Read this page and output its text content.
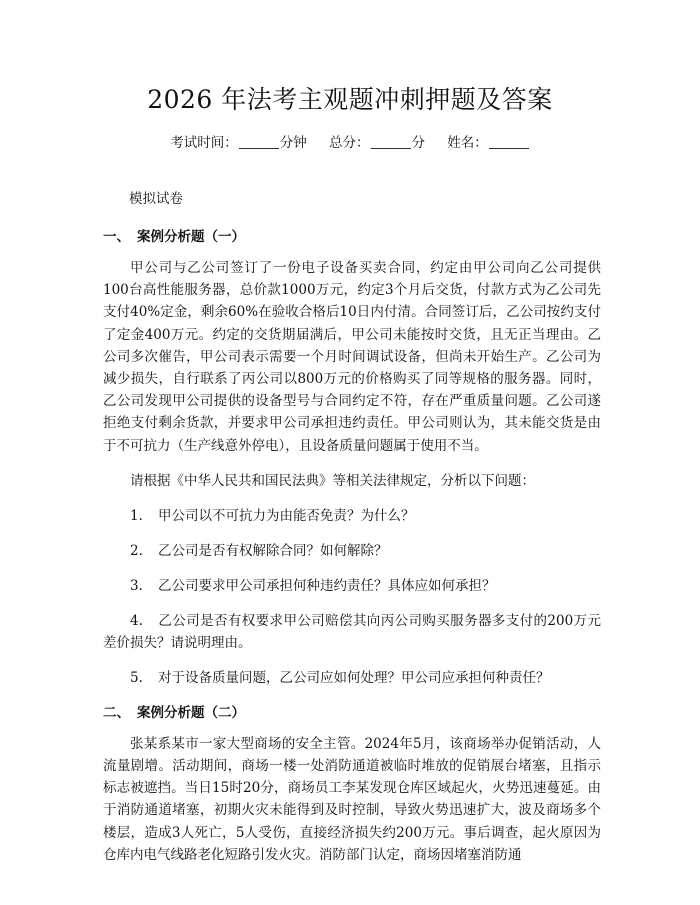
2026 年法考主观题冲刺押题及答案
考试时间：	分钟 总分：	分 姓名：
模拟试卷
一、 案例分析题（一）

甲公司与乙公司签订了一份电子设备买卖合同，约定由甲公司向乙公司提供100台高性能服务器，总价款1000万元，约定3个月后交货，付款方式为乙公司先支付40%定金，剩余60%在验收合格后10日内付清。合同签订后，乙公司按约支付了定金400万元。约定的交货期届满后，甲公司未能按时交货，且无正当理由。乙公司多次催告，甲公司表示需要一个月时间调试设备，但尚未开始生产。乙公司为减少损失，自行联系了丙公司以800万元的价格购买了同等规格的服务器。同时，乙公司发现甲公司提供的设备型号与合同约定不符，存在严重质量问题。乙公司遂拒绝支付剩余货款，并要求甲公司承担违约责任。甲公司则认为，其未能交货是由于不可抗力（生产线意外停电），且设备质量问题属于使用不当。

请根据《中华人民共和国民法典》等相关法律规定，分析以下问题：

1. 甲公司以不可抗力为由能否免责？为什么？

2. 乙公司是否有权解除合同？如何解除？

3. 乙公司要求甲公司承担何种违约责任？具体应如何承担？

4. 乙公司是否有权要求甲公司赔偿其向丙公司购买服务器多支付的200万元差价损失？请说明理由。

5. 对于设备质量问题，乙公司应如何处理？甲公司应承担何种责任？

二、 案例分析题（二）

张某系某市一家大型商场的安全主管。2024年5月，该商场举办促销活动，人流量剧增。活动期间，商场一楼一处消防通道被临时堆放的促销展台堵塞，且指示标志被遮挡。当日15时20分，商场员工李某发现仓库区域起火，火势迅速蔓延。由于消防通道堵塞，初期火灾未能得到及时控制，导致火势迅速扩大，波及商场多个楼层，造成3人死亡，5人受伤，直接经济损失约200万元。事后调查，起火原因为仓库内电气线路老化短路引发火灾。消防部门认定，商场因堵塞消防通
